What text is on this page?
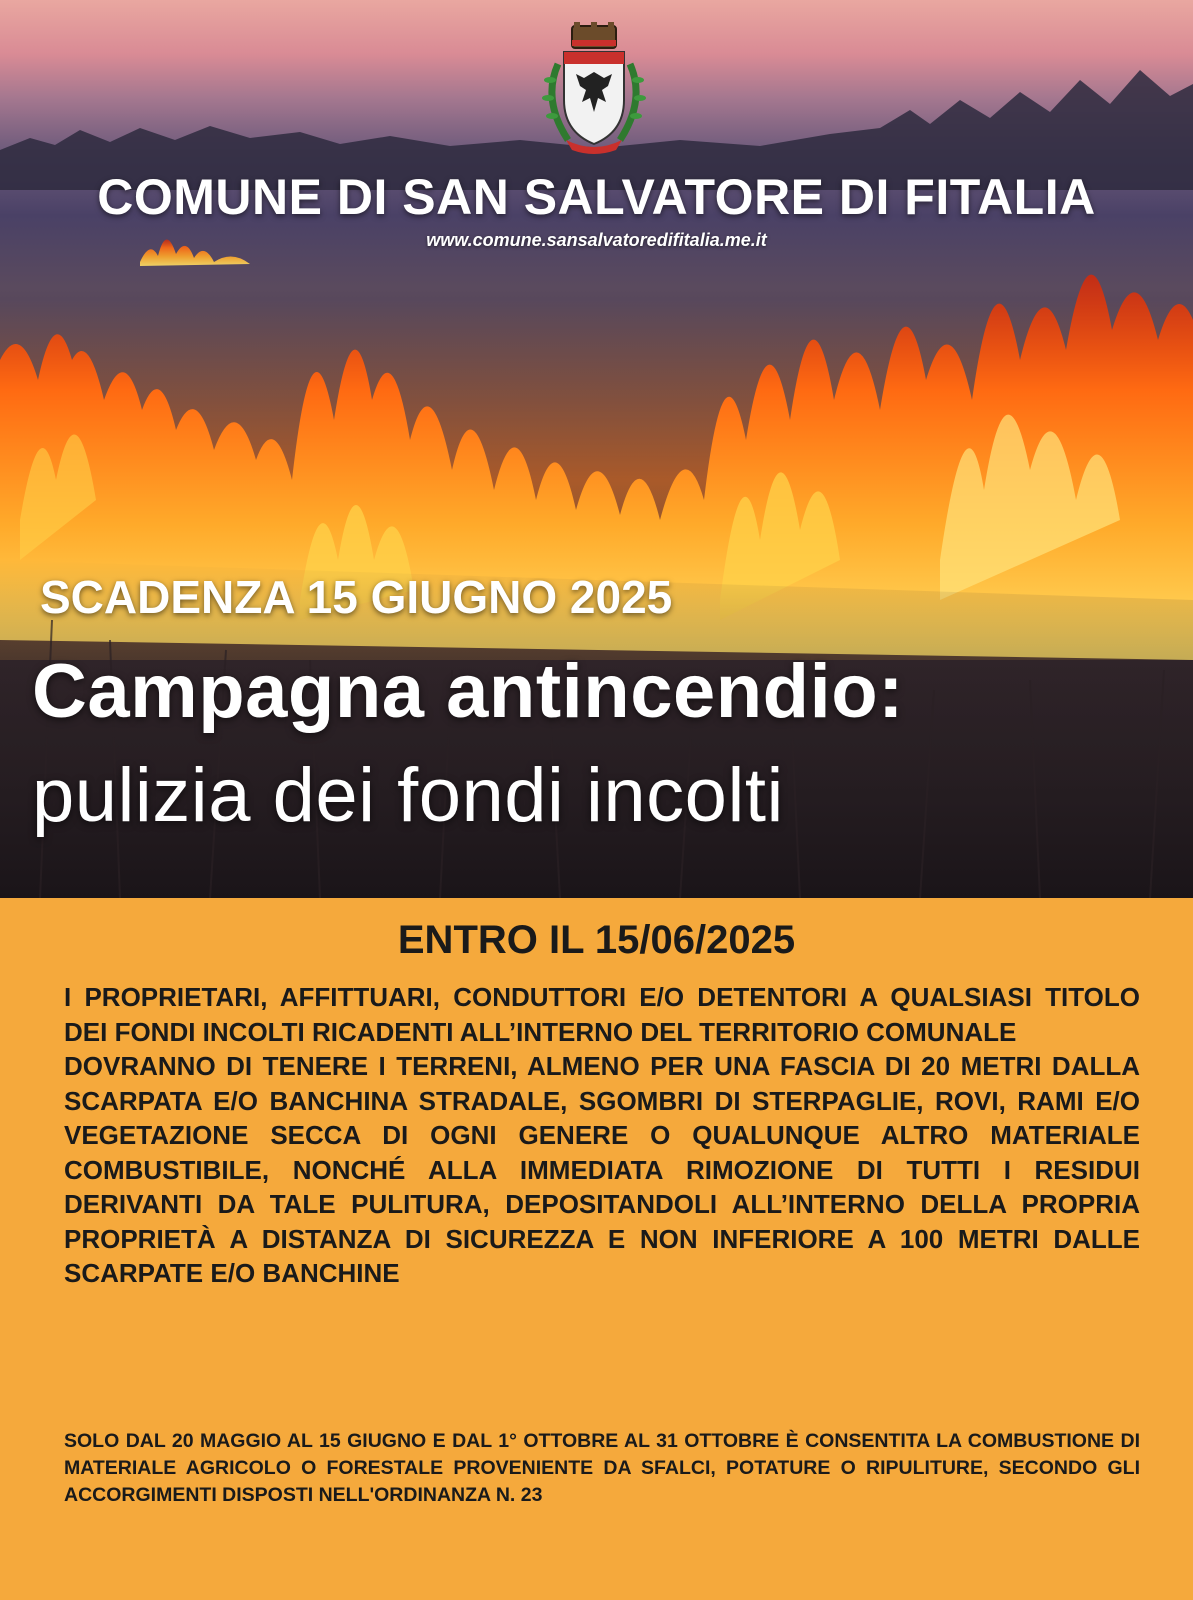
COMUNE DI SAN SALVATORE DI FITALIA
www.comune.sansalvatoredifitalia.me.it
SCADENZA 15 GIUGNO 2025
Campagna antincendio:
pulizia dei fondi incolti
ENTRO IL 15/06/2025

I PROPRIETARI, AFFITTUARI, CONDUTTORI E/O DETENTORI A QUALSIASI TITOLO DEI FONDI INCOLTI RICADENTI ALL’INTERNO DEL TERRITORIO COMUNALE

DOVRANNO DI TENERE I TERRENI, ALMENO PER UNA FASCIA DI 20 METRI DALLA SCARPATA E/O BANCHINA STRADALE, SGOMBRI DI STERPAGLIE, ROVI, RAMI E/O VEGETAZIONE SECCA DI OGNI GENERE O QUALUNQUE ALTRO MATERIALE COMBUSTIBILE, NONCHÉ ALLA IMMEDIATA RIMOZIONE DI TUTTI I RESIDUI DERIVANTI DA TALE PULITURA, DEPOSITANDOLI ALL’INTERNO DELLA PROPRIA PROPRIETÀ A DISTANZA DI SICUREZZA E NON INFERIORE A 100 METRI DALLE SCARPATE E/O BANCHINE

SOLO DAL 20 MAGGIO AL 15 GIUGNO E DAL 1° OTTOBRE AL 31 OTTOBRE È CONSENTITA LA COMBUSTIONE DI MATERIALE AGRICOLO O FORESTALE PROVENIENTE DA SFALCI, POTATURE O RIPULITURE, SECONDO GLI ACCORGIMENTI DISPOSTI NELL'ORDINANZA N. 23
